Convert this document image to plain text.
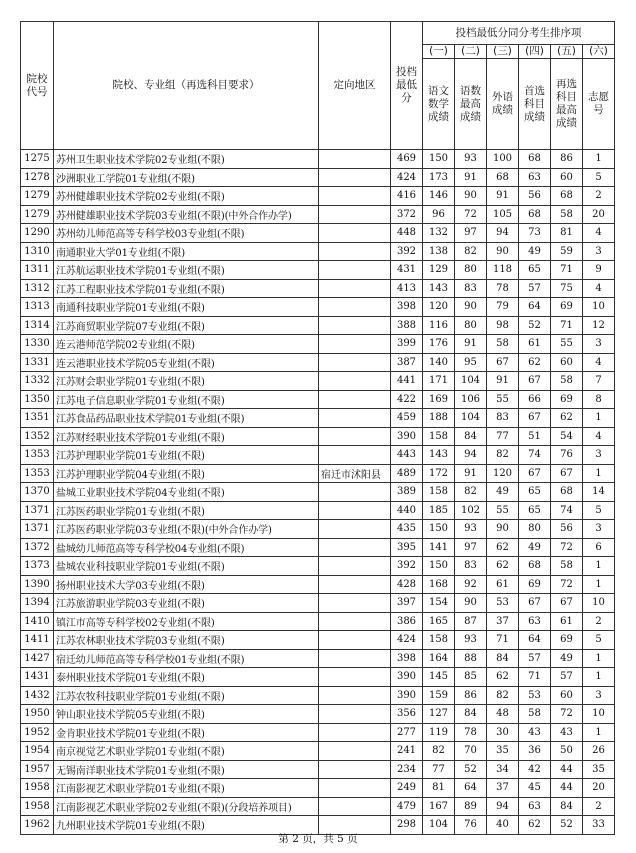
院校代号	院校、专业组（再选科目要求）	定向地区	投档最低分	投档最低分同分考生排序项					
				(一)	(二)	(三)	(四)	(五)	(六)
				语文数学成绩	语数最高成绩	外语成绩	首选科目成绩	再选科目最高成绩	志愿号
1275	苏州卫生职业技术学院02专业组(不限)		469	150	93	100	68	86	1
1278	沙洲职业工学院01专业组(不限)		424	173	91	68	63	60	5
1279	苏州健雄职业技术学院02专业组(不限)		416	146	90	91	56	68	2
1279	苏州健雄职业技术学院03专业组(不限)(中外合作办学)		372	96	72	105	68	58	20
1290	苏州幼儿师范高等专科学校03专业组(不限)		448	132	97	94	73	81	4
1310	南通职业大学01专业组(不限)		392	138	82	90	49	59	3
1311	江苏航运职业技术学院01专业组(不限)		431	129	80	118	65	71	9
1312	江苏工程职业技术学院01专业组(不限)		413	143	83	78	57	75	4
1313	南通科技职业学院01专业组(不限)		398	120	90	79	64	69	10
1314	江苏商贸职业学院07专业组(不限)		388	116	80	98	52	71	12
1330	连云港师范学院02专业组(不限)		399	176	91	58	61	55	3
1331	连云港职业技术学院05专业组(不限)		387	140	95	67	62	60	4
1332	江苏财会职业学院01专业组(不限)		441	171	104	91	67	58	7
1350	江苏电子信息职业学院01专业组(不限)		422	169	106	55	66	69	8
1351	江苏食品药品职业技术学院01专业组(不限)		459	188	104	83	67	62	1
1352	江苏财经职业技术学院01专业组(不限)		390	158	84	77	51	54	4
1353	江苏护理职业学院01专业组(不限)		443	143	94	82	74	76	3
1353	江苏护理职业学院04专业组(不限)	宿迁市沭阳县	489	172	91	120	67	67	1
1370	盐城工业职业技术学院04专业组(不限)		389	158	82	49	65	68	14
1371	江苏医药职业学院01专业组(不限)		440	185	102	55	65	74	5
1371	江苏医药职业学院03专业组(不限)(中外合作办学)		435	150	93	90	80	56	3
1372	盐城幼儿师范高等专科学校04专业组(不限)		395	141	97	62	49	72	6
1373	盐城农业科技职业学院01专业组(不限)		392	150	83	62	68	58	1
1390	扬州职业技术大学03专业组(不限)		428	168	92	61	69	72	1
1394	江苏旅游职业学院03专业组(不限)		397	154	90	53	67	67	10
1410	镇江市高等专科学校02专业组(不限)		386	165	87	37	63	61	2
1411	江苏农林职业技术学院03专业组(不限)		424	158	93	71	64	69	5
1427	宿迁幼儿师范高等专科学校01专业组(不限)		398	164	88	84	57	49	1
1431	泰州职业技术学院01专业组(不限)		390	145	85	62	71	57	1
1432	江苏农牧科技职业学院01专业组(不限)		390	159	86	82	53	60	3
1950	钟山职业技术学院05专业组(不限)		356	127	84	48	58	72	10
1952	金肯职业技术学院01专业组(不限)		277	119	78	30	43	43	1
1954	南京视觉艺术职业学院01专业组(不限)		241	82	70	35	36	50	26
1957	无锡南洋职业技术学院01专业组(不限)		234	77	52	34	42	44	35
1958	江南影视艺术职业学院01专业组(不限)		249	81	64	37	45	44	20
1958	江南影视艺术职业学院02专业组(不限)(分段培养项目)		479	167	89	94	63	84	2
1962	九州职业技术学院01专业组(不限)		298	104	76	40	62	52	33
第 2 页，共 5 页
